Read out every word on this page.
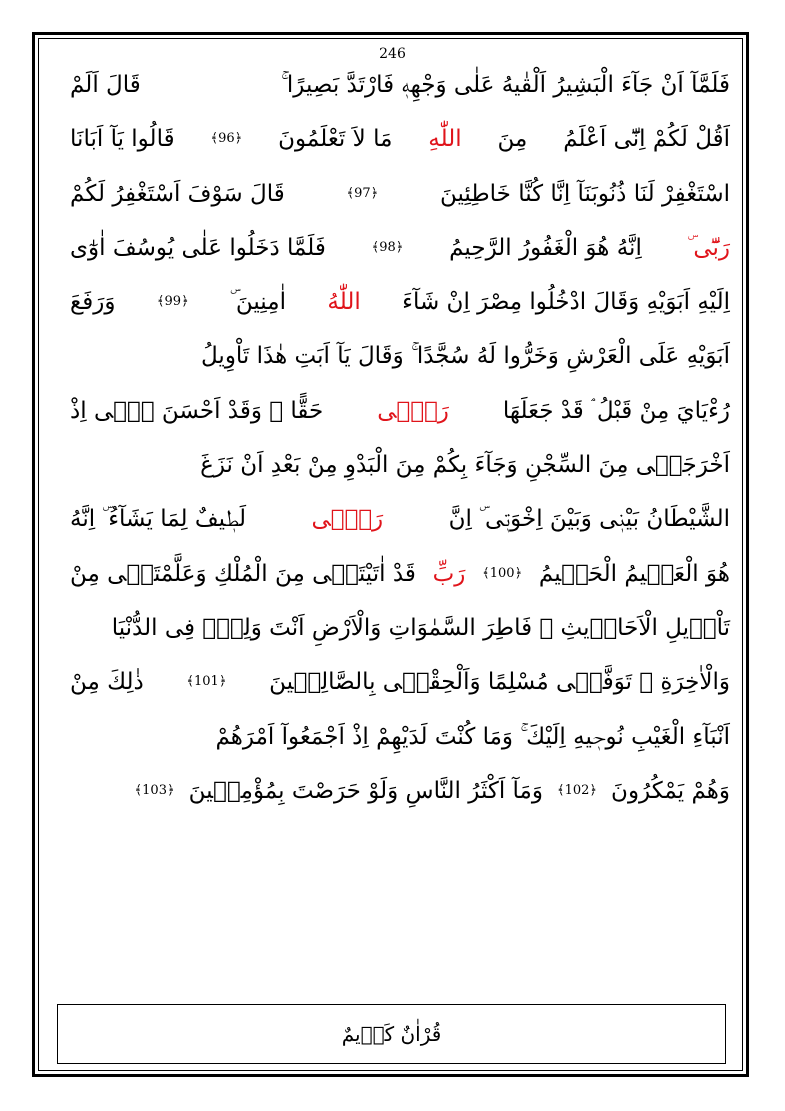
246
فَلَمَّآ اَنْ جَآءَ الْبَشِيرُ اَلْقٰيهُ عَلٰى وَجْهِهٖ فَارْتَدَّ بَصِيرًا ۚ
قَالَ اَلَمْ
اَقُلْ لَكُمْ اِنّٓى اَعْلَمُ
مِنَ
اللّٰهِ
مَا لاَ تَعْلَمُونَ
﴿96﴾
قَالُوا يَآ اَبَانَا
اسْتَغْفِرْ لَنَا ذُنُوبَنَآ اِنَّا كُنَّا خَاطِئِينَ
﴿97﴾
قَالَ سَوْفَ اَسْتَغْفِرُ لَكُمْ
رَبّٓى ۜ
اِنَّهُ هُوَ الْغَفُورُ الرَّحِيمُ
﴿98﴾
فَلَمَّا دَخَلُوا عَلٰى يُوسُفَ اٰوٰٓى
اِلَيْهِ اَبَوَيْهِ وَقَالَ ادْخُلُوا مِصْرَ اِنْ شَآءَ
اللّٰهُ
اٰمِنِينَ ۜ
﴿99﴾
وَرَفَعَ
اَبَوَيْهِ عَلَى الْعَرْشِ وَخَرُّوا لَهُ سُجَّدًا ۚ وَقَالَ يَآ اَبَتِ هٰذَا تَاْوِيلُ
رُءْيَايَ مِنْ قَبْلُ ۘ قَدْ جَعَلَهَا
رَبّٖى
حَقًّا ۜ وَقَدْ اَحْسَنَ بٖٓى اِذْ
اَخْرَجَنٖى مِنَ السِّجْنِ وَجَآءَ بِكُمْ مِنَ الْبَدْوِ مِنْ بَعْدِ اَنْ نَزَغَ
الشَّيْطَانُ بَيْنٖى وَبَيْنَ اِخْوَتٖى ۜ اِنَّ
رَبّٖى
لَطٖيفٌ لِمَا يَشَآءُ ۜ اِنَّهُ
هُوَ الْعَلٖيمُ الْحَكٖيمُ
﴿100﴾
رَبِّ
قَدْ اٰتَيْتَنٖى مِنَ الْمُلْكِ وَعَلَّمْتَنٖى مِنْ
تَاْوٖيلِ الْاَحَادٖيثِ ۚ فَاطِرَ السَّمٰوَاتِ وَالْاَرْضِ اَنْتَ وَلِيّٖ فِى الدُّنْيَا
وَالْاٰخِرَةِ ۚ تَوَفَّنٖى مُسْلِمًا وَاَلْحِقْنٖى بِالصَّالِحٖينَ
﴿101﴾
ذٰلِكَ مِنْ
اَنْبَآءِ الْغَيْبِ نُوحٖيهِ اِلَيْكَ ۚ وَمَا كُنْتَ لَدَيْهِمْ اِذْ اَجْمَعُوآ اَمْرَهُمْ
وَهُمْ يَمْكُرُونَ
﴿102﴾
وَمَآ اَكْثَرُ النَّاسِ وَلَوْ حَرَصْتَ بِمُؤْمِنٖينَ
﴿103﴾
قُرْاٰنٌ كَرٖيمٌ
